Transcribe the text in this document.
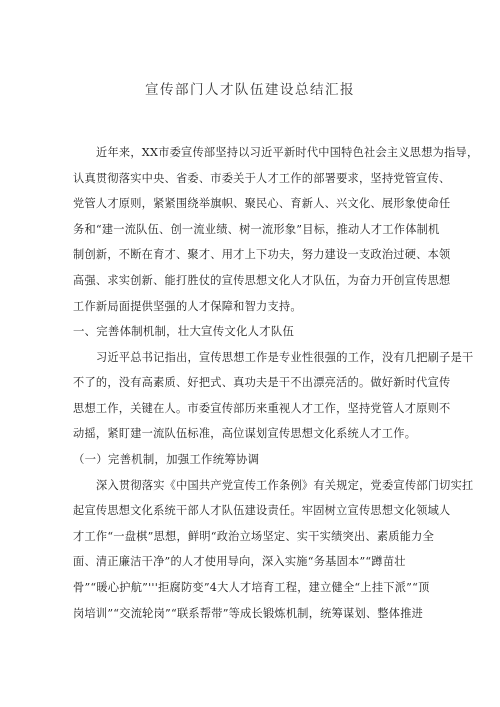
宣传部门人才队伍建设总结汇报
近年来，XX市委宣传部坚持以习近平新时代中国特色社会主义思想为指导，
认真贯彻落实中央、省委、市委关于人才工作的部署要求，坚持党管宣传、
党管人才原则，紧紧围绕举旗帜、聚民心、育新人、兴文化、展形象使命任
务和“建一流队伍、创一流业绩、树一流形象”目标，推动人才工作体制机
制创新，不断在育才、聚才、用才上下功夫，努力建设一支政治过硬、本领
高强、求实创新、能打胜仗的宣传思想文化人才队伍，为奋力开创宣传思想
工作新局面提供坚强的人才保障和智力支持。
一、完善体制机制，壮大宣传文化人才队伍
习近平总书记指出，宣传思想工作是专业性很强的工作，没有几把刷子是干
不了的，没有高素质、好把式、真功夫是干不出漂亮活的。做好新时代宣传
思想工作，关键在人。市委宣传部历来重视人才工作，坚持党管人才原则不
动摇，紧盯建一流队伍标准，高位谋划宣传思想文化系统人才工作。
（一）完善机制，加强工作统筹协调
深入贯彻落实《中国共产党宣传工作条例》有关规定，党委宣传部门切实扛
起宣传思想文化系统干部人才队伍建设责任。牢固树立宣传思想文化领域人
才工作“一盘棋”思想，鲜明“政治立场坚定、实干实绩突出、素质能力全
面、清正廉洁干净”的人才使用导向，深入实施“务基固本”“蹲苗壮
骨”“暖心护航”'''拒腐防变”4大人才培育工程，建立健全“上挂下派”“顶
岗培训”“交流轮岗”“联系帮带”等成长锻炼机制，统筹谋划、整体推进
